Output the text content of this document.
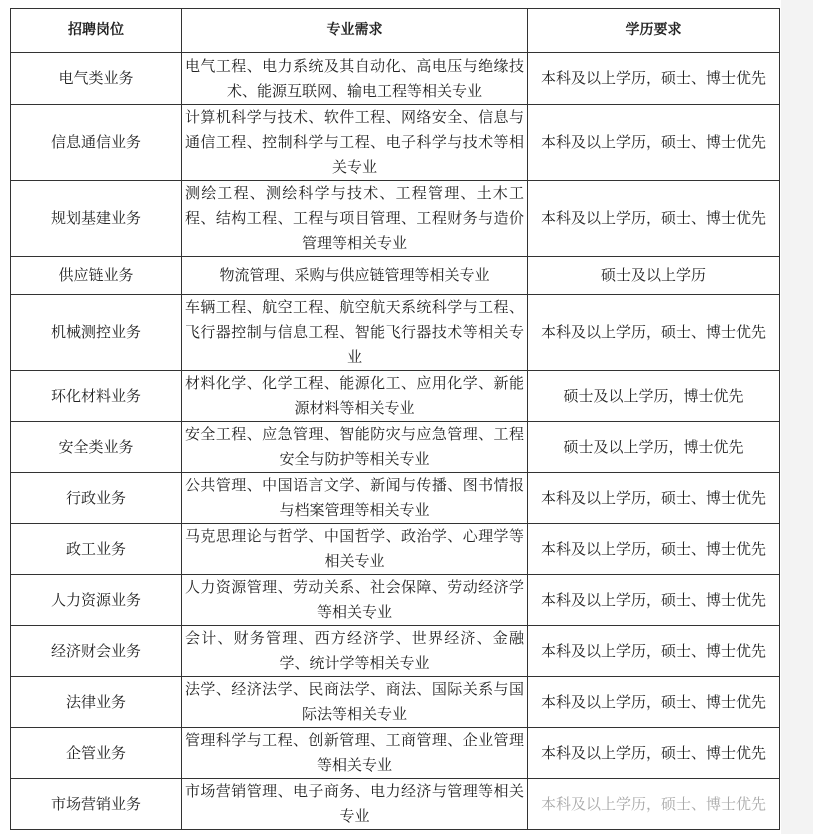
招聘岗位	专业需求	学历要求
电气类业务	电气工程、电力系统及其自动化、高电压与绝缘技术、能源互联网、输电工程等相关专业	本科及以上学历，硕士、博士优先
信息通信业务	计算机科学与技术、软件工程、网络安全、信息与通信工程、控制科学与工程、电子科学与技术等相关专业	本科及以上学历，硕士、博士优先
规划基建业务	测绘工程、测绘科学与技术、工程管理、土木工程、结构工程、工程与项目管理、工程财务与造价管理等相关专业	本科及以上学历，硕士、博士优先
供应链业务	物流管理、采购与供应链管理等相关专业	硕士及以上学历
机械测控业务	车辆工程、航空工程、航空航天系统科学与工程、飞行器控制与信息工程、智能飞行器技术等相关专业	本科及以上学历，硕士、博士优先
环化材料业务	材料化学、化学工程、能源化工、应用化学、新能源材料等相关专业	硕士及以上学历，博士优先
安全类业务	安全工程、应急管理、智能防灾与应急管理、工程安全与防护等相关专业	硕士及以上学历，博士优先
行政业务	公共管理、中国语言文学、新闻与传播、图书情报与档案管理等相关专业	本科及以上学历，硕士、博士优先
政工业务	马克思理论与哲学、中国哲学、政治学、心理学等相关专业	本科及以上学历，硕士、博士优先
人力资源业务	人力资源管理、劳动关系、社会保障、劳动经济学等相关专业	本科及以上学历，硕士、博士优先
经济财会业务	会计、财务管理、西方经济学、世界经济、金融学、统计学等相关专业	本科及以上学历，硕士、博士优先
法律业务	法学、经济法学、民商法学、商法、国际关系与国际法等相关专业	本科及以上学历，硕士、博士优先
企管业务	管理科学与工程、创新管理、工商管理、企业管理等相关专业	本科及以上学历，硕士、博士优先
市场营销业务	市场营销管理、电子商务、电力经济与管理等相关专业	本科及以上学历，硕士、博士优先
